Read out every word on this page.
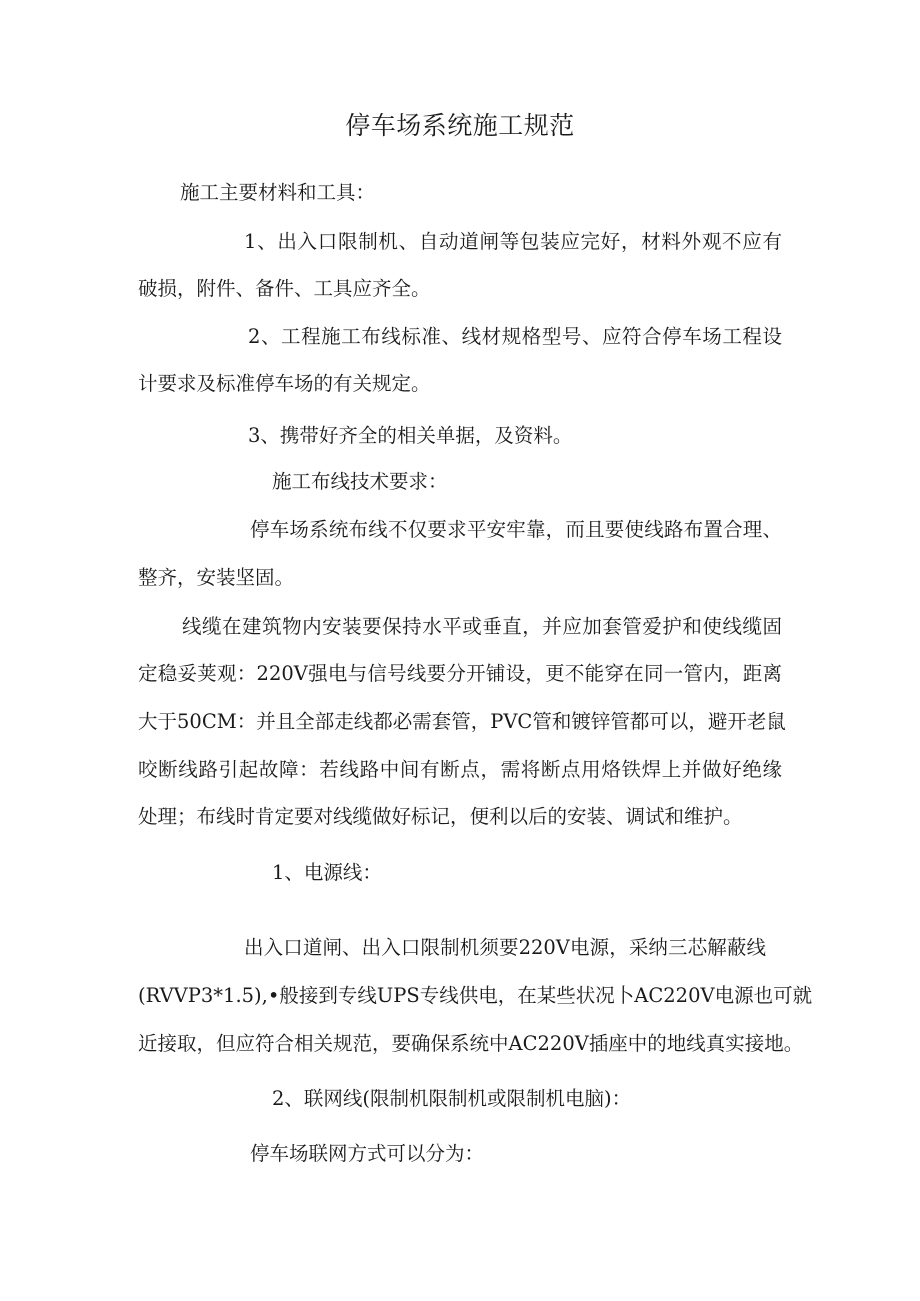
停车场系统施工规范
施工主要材料和工具：
1、出入口限制机、自动道闸等包装应完好，材料外观不应有
破损，附件、备件、工具应齐全。
2、工程施工布线标准、线材规格型号、应符合停车场工程设
计要求及标准停车场的有关规定。
3、携带好齐全的相关单据，及资料。
施工布线技术要求：
停车场系统布线不仅要求平安牢靠，而且要使线路布置合理、
整齐，安装坚固。
线缆在建筑物内安装要保持水平或垂直，并应加套管爱护和使线缆固
定稳妥荚观：220V强电与信号线要分开铺设，更不能穿在同一管内，距离
大于50CM：并且全部走线都必需套管，PVC管和镀锌管都可以，避开老鼠
咬断线路引起故障：若线路中间有断点，需将断点用烙铁焊上并做好绝缘
处理；布线时肯定要对线缆做好标记，便利以后的安装、调试和维护。
1、电源线：
出入口道闸、出入口限制机须要220V电源，采纳三芯解蔽线
(RVVP3*1.5),•般接到专线UPS专线供电，在某些状况卜AC220V电源也可就
近接取，但应符合相关规范，要确保系统中AC220V插座中的地线真实接地。
2、联网线(限制机限制机或限制机电脑)：
停车场联网方式可以分为：
